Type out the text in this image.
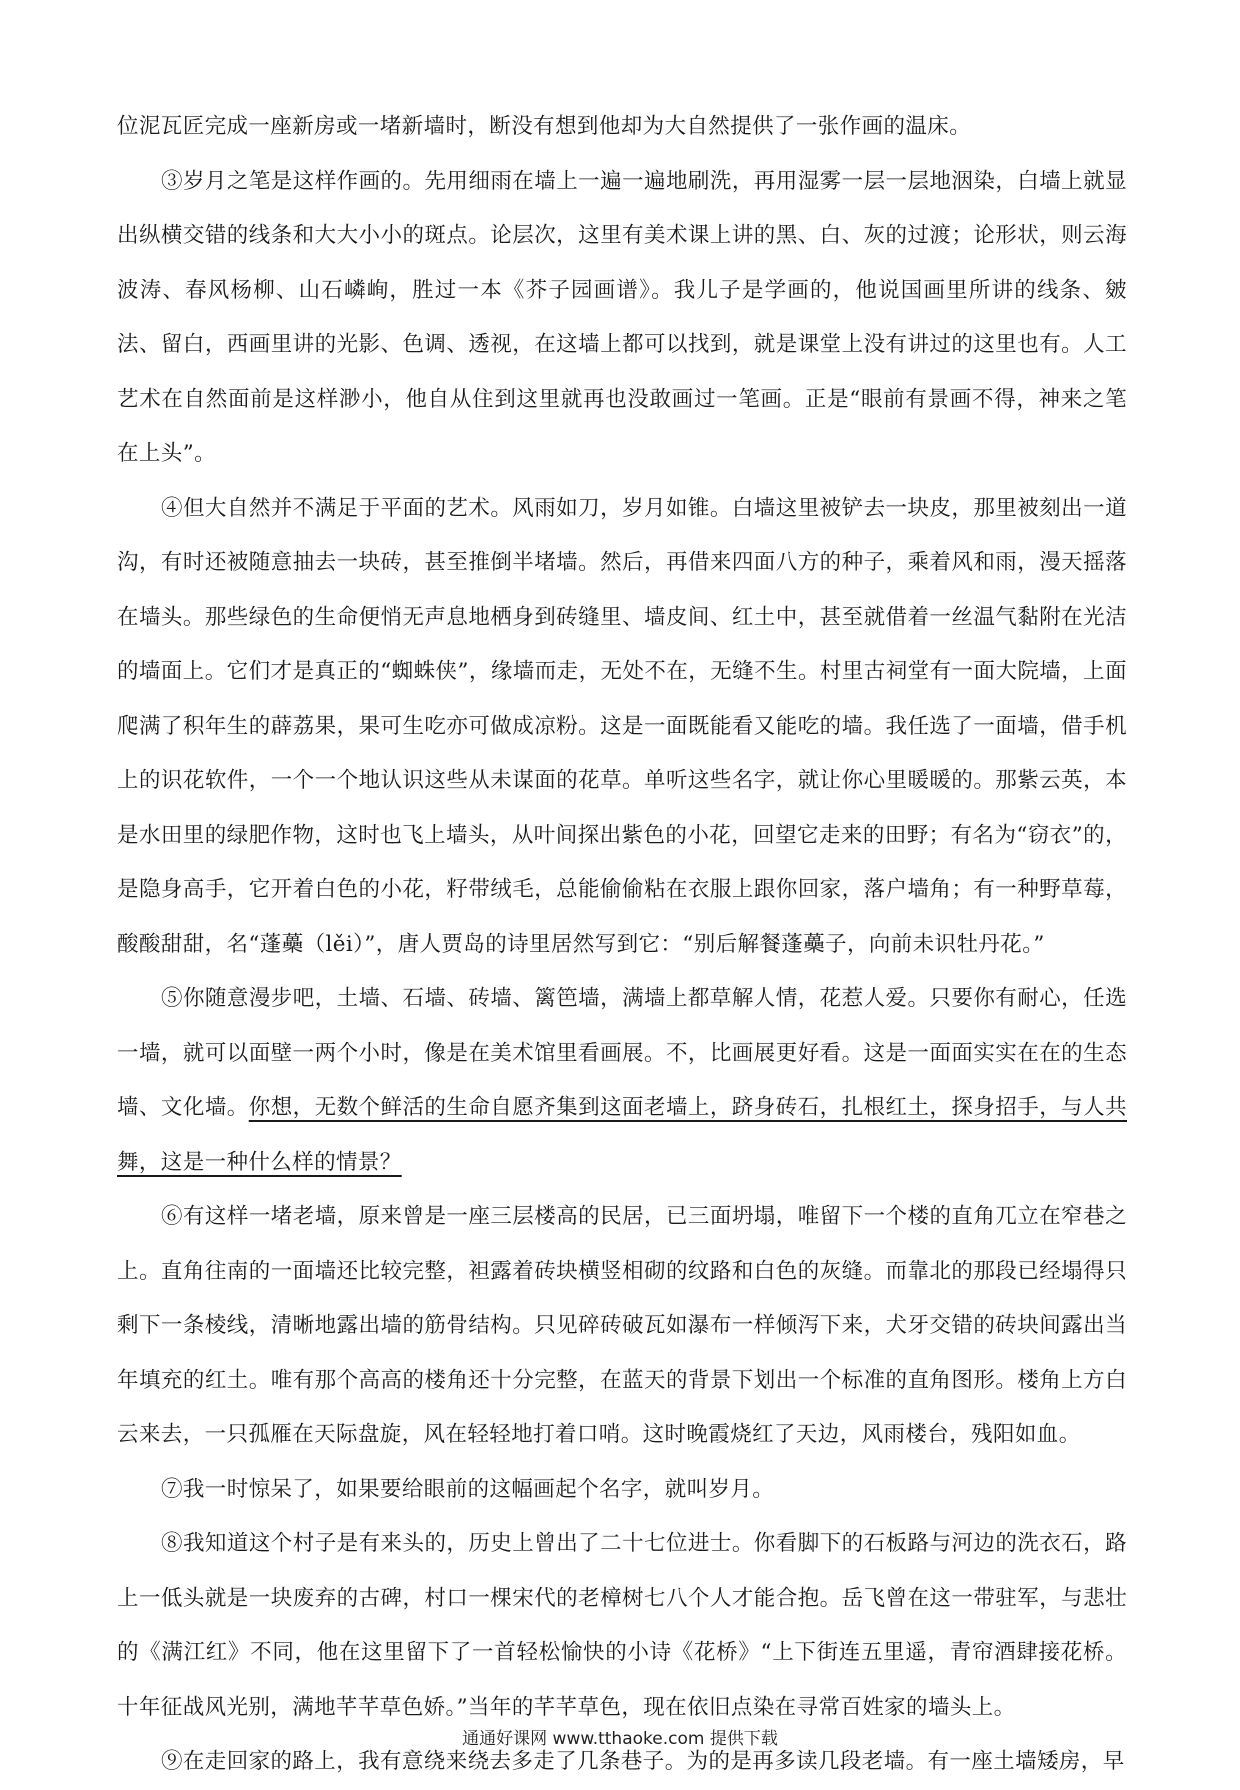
位泥瓦匠完成一座新房或一堵新墙时，断没有想到他却为大自然提供了一张作画的温床。

③岁月之笔是这样作画的。先用细雨在墙上一遍一遍地刷洗，再用湿雾一层一层地洇染，白墙上就显出纵横交错的线条和大大小小的斑点。论层次，这里有美术课上讲的黑、白、灰的过渡；论形状，则云海波涛、春风杨柳、山石嶙峋，胜过一本《芥子园画谱》。我儿子是学画的，他说国画里所讲的线条、皴法、留白，西画里讲的光影、色调、透视，在这墙上都可以找到，就是课堂上没有讲过的这里也有。人工艺术在自然面前是这样渺小，他自从住到这里就再也没敢画过一笔画。正是“眼前有景画不得，神来之笔在上头”。

④但大自然并不满足于平面的艺术。风雨如刀，岁月如锥。白墙这里被铲去一块皮，那里被刻出一道沟，有时还被随意抽去一块砖，甚至推倒半堵墙。然后，再借来四面八方的种子，乘着风和雨，漫天摇落在墙头。那些绿色的生命便悄无声息地栖身到砖缝里、墙皮间、红土中，甚至就借着一丝温气黏附在光洁的墙面上。它们才是真正的“蜘蛛侠”，缘墙而走，无处不在，无缝不生。村里古祠堂有一面大院墙，上面爬满了积年生的薜荔果，果可生吃亦可做成凉粉。这是一面既能看又能吃的墙。我任选了一面墙，借手机上的识花软件，一个一个地认识这些从未谋面的花草。单听这些名字，就让你心里暖暖的。那紫云英，本是水田里的绿肥作物，这时也飞上墙头，从叶间探出紫色的小花，回望它走来的田野；有名为“窃衣”的，是隐身高手，它开着白色的小花，籽带绒毛，总能偷偷粘在衣服上跟你回家，落户墙角；有一种野草莓，酸酸甜甜，名“蓬蘽（lěi）”，唐人贾岛的诗里居然写到它：“别后解餐蓬蘽子，向前未识牡丹花。”

⑤你随意漫步吧，土墙、石墙、砖墙、篱笆墙，满墙上都草解人情，花惹人爱。只要你有耐心，任选一墙，就可以面壁一两个小时，像是在美术馆里看画展。不，比画展更好看。这是一面面实实在在的生态墙、文化墙。你想，无数个鲜活的生命自愿齐集到这面老墙上，跻身砖石，扎根红土，探身招手，与人共舞，这是一种什么样的情景？

⑥有这样一堵老墙，原来曾是一座三层楼高的民居，已三面坍塌，唯留下一个楼的直角兀立在窄巷之上。直角往南的一面墙还比较完整，袒露着砖块横竖相砌的纹路和白色的灰缝。而靠北的那段已经塌得只剩下一条棱线，清晰地露出墙的筋骨结构。只见碎砖破瓦如瀑布一样倾泻下来，犬牙交错的砖块间露出当年填充的红土。唯有那个高高的楼角还十分完整，在蓝天的背景下划出一个标准的直角图形。楼角上方白云来去，一只孤雁在天际盘旋，风在轻轻地打着口哨。这时晚霞烧红了天边，风雨楼台，残阳如血。

⑦我一时惊呆了，如果要给眼前的这幅画起个名字，就叫岁月。

⑧我知道这个村子是有来头的，历史上曾出了二十七位进士。你看脚下的石板路与河边的洗衣石，路上一低头就是一块废弃的古碑，村口一棵宋代的老樟树七八个人才能合抱。岳飞曾在这一带驻军，与悲壮的《满江红》不同，他在这里留下了一首轻松愉快的小诗《花桥》“上下街连五里遥，青帘酒肆接花桥。十年征战风光别，满地芊芊草色娇。”当年的芊芊草色，现在依旧点染在寻常百姓家的墙头上。

⑨在走回家的路上，我有意绕来绕去多走了几条巷子。为的是再多读几段老墙。有一座土墙矮房，早

通通好课网 www.tthaoke.com 提供下载
